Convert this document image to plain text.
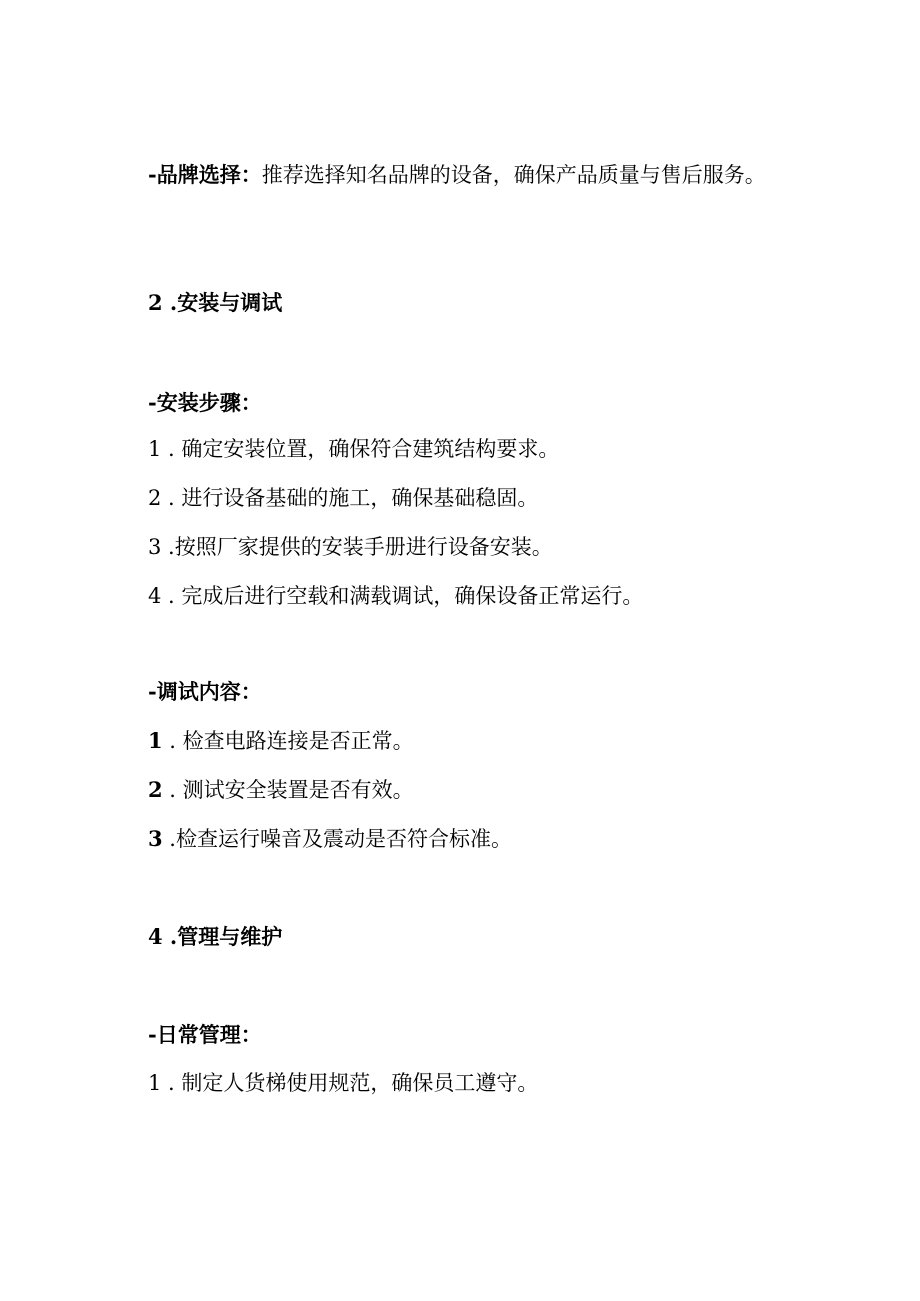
-品牌选择：推荐选择知名品牌的设备，确保产品质量与售后服务。
2 .安装与调试
-安装步骤：
1 . 确定安装位置，确保符合建筑结构要求。
2 . 进行设备基础的施工，确保基础稳固。
3 .按照厂家提供的安装手册进行设备安装。
4 . 完成后进行空载和满载调试，确保设备正常运行。
-调试内容：
1 . 检查电路连接是否正常。
2 . 测试安全装置是否有效。
3 .检查运行噪音及震动是否符合标准。
4 .管理与维护
-日常管理：
1 . 制定人货梯使用规范，确保员工遵守。
